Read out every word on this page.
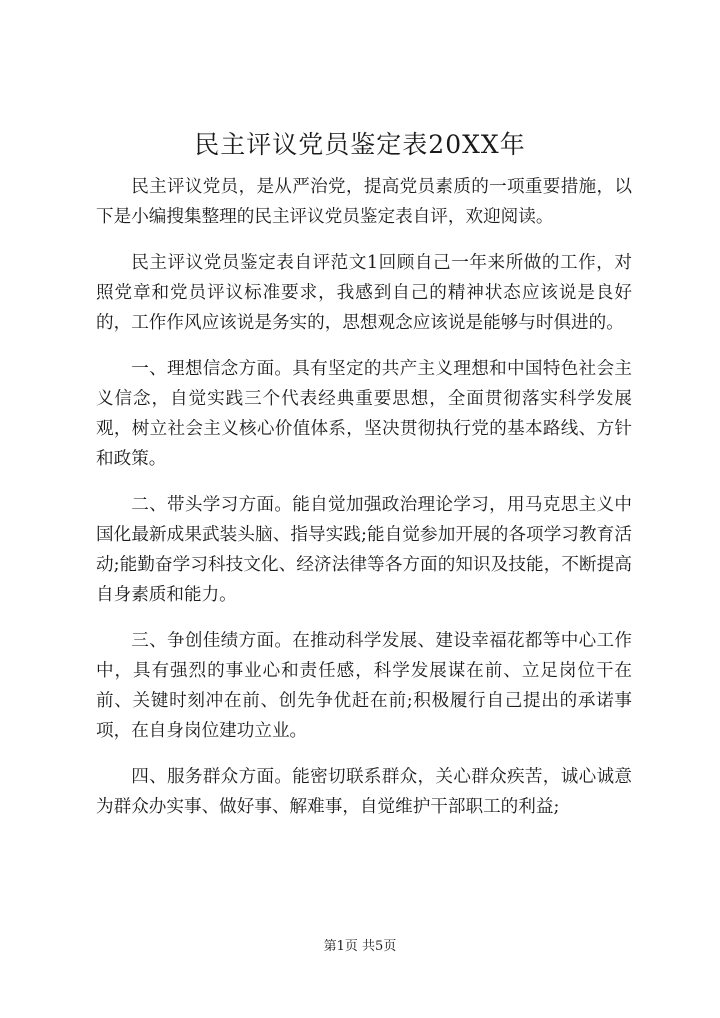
民主评议党员鉴定表20XX年

民主评议党员，是从严治党，提高党员素质的一项重要措施，以下是小编搜集整理的民主评议党员鉴定表自评，欢迎阅读。

民主评议党员鉴定表自评范文1回顾自己一年来所做的工作，对照党章和党员评议标准要求，我感到自己的精神状态应该说是良好的，工作作风应该说是务实的，思想观念应该说是能够与时俱进的。

一、理想信念方面。具有坚定的共产主义理想和中国特色社会主义信念，自觉实践三个代表经典重要思想，全面贯彻落实科学发展观，树立社会主义核心价值体系，坚决贯彻执行党的基本路线、方针和政策。

二、带头学习方面。能自觉加强政治理论学习，用马克思主义中国化最新成果武装头脑、指导实践;能自觉参加开展的各项学习教育活动;能勤奋学习科技文化、经济法律等各方面的知识及技能，不断提高自身素质和能力。

三、争创佳绩方面。在推动科学发展、建设幸福花都等中心工作中，具有强烈的事业心和责任感，科学发展谋在前、立足岗位干在前、关键时刻冲在前、创先争优赶在前;积极履行自己提出的承诺事项，在自身岗位建功立业。

四、服务群众方面。能密切联系群众，关心群众疾苦，诚心诚意为群众办实事、做好事、解难事，自觉维护干部职工的利益;

第1页 共5页
